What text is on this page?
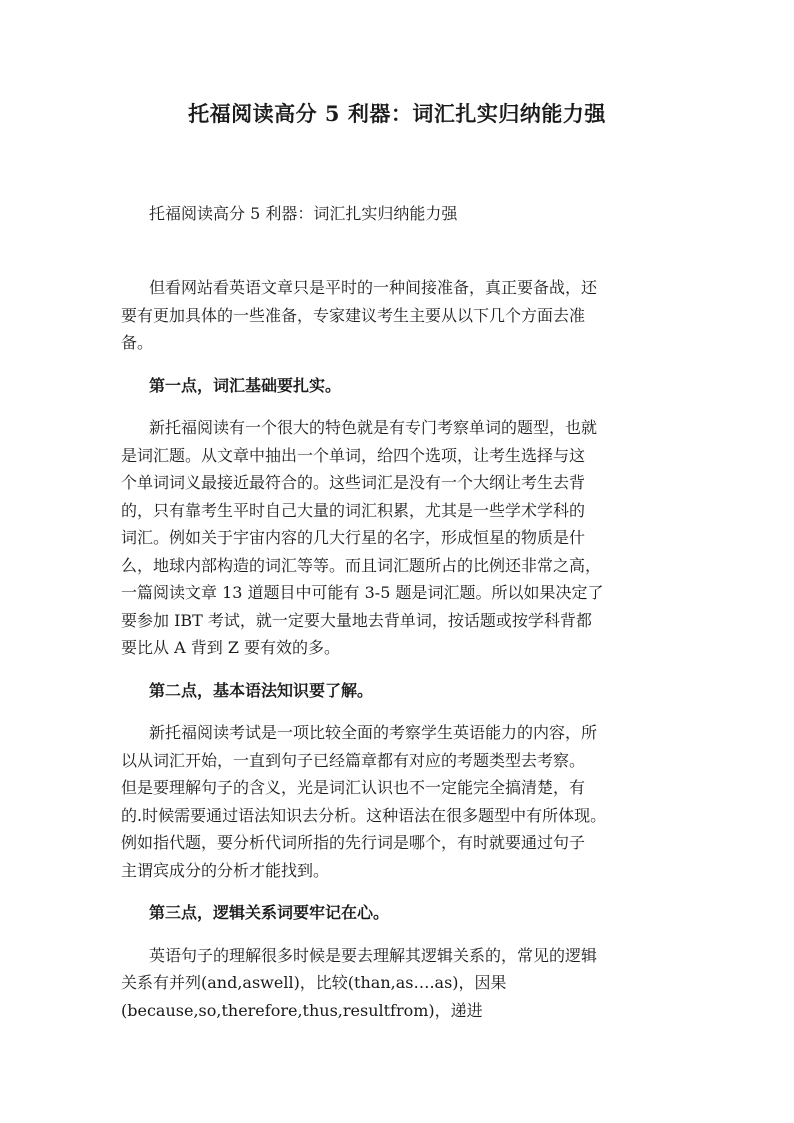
托福阅读高分 5 利器：词汇扎实归纳能力强

托福阅读高分 5 利器：词汇扎实归纳能力强

但看网站看英语文章只是平时的一种间接准备，真正要备战，还
要有更加具体的一些准备，专家建议考生主要从以下几个方面去准
备。

第一点，词汇基础要扎实。

新托福阅读有一个很大的特色就是有专门考察单词的题型，也就
是词汇题。从文章中抽出一个单词，给四个选项，让考生选择与这
个单词词义最接近最符合的。这些词汇是没有一个大纲让考生去背
的，只有靠考生平时自己大量的词汇积累，尤其是一些学术学科的
词汇。例如关于宇宙内容的几大行星的名字，形成恒星的物质是什
么，地球内部构造的词汇等等。而且词汇题所占的比例还非常之高，
一篇阅读文章 13 道题目中可能有 3-5 题是词汇题。所以如果决定了
要参加 IBT 考试，就一定要大量地去背单词，按话题或按学科背都
要比从 A 背到 Z 要有效的多。

第二点，基本语法知识要了解。

新托福阅读考试是一项比较全面的考察学生英语能力的内容，所
以从词汇开始，一直到句子已经篇章都有对应的考题类型去考察。
但是要理解句子的含义，光是词汇认识也不一定能完全搞清楚，有
的.时候需要通过语法知识去分析。这种语法在很多题型中有所体现。
例如指代题，要分析代词所指的先行词是哪个，有时就要通过句子
主谓宾成分的分析才能找到。

第三点，逻辑关系词要牢记在心。

英语句子的理解很多时候是要去理解其逻辑关系的，常见的逻辑
关系有并列(and,aswell)，比较(than,as….as)，因果
(because,so,therefore,thus,resultfrom)，递进
